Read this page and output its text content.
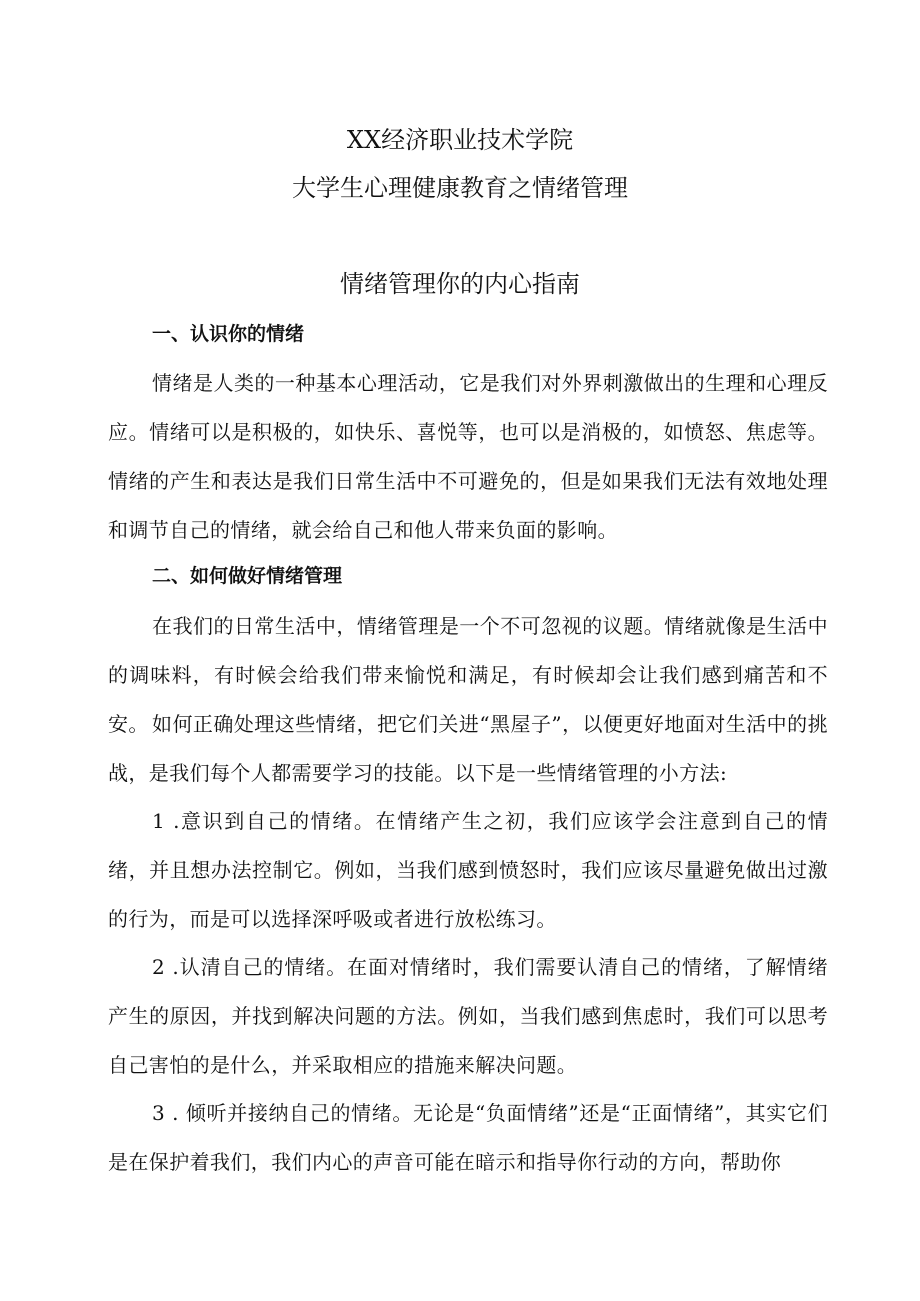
XX经济职业技术学院
大学生心理健康教育之情绪管理
情绪管理你的内心指南
一、认识你的情绪
情绪是人类的一种基本心理活动，它是我们对外界刺激做出的生理和心理反应。情绪可以是积极的，如快乐、喜悦等，也可以是消极的，如愤怒、焦虑等。情绪的产生和表达是我们日常生活中不可避免的，但是如果我们无法有效地处理和调节自己的情绪，就会给自己和他人带来负面的影响。
二、如何做好情绪管理
在我们的日常生活中，情绪管理是一个不可忽视的议题。情绪就像是生活中的调味料，有时候会给我们带来愉悦和满足，有时候却会让我们感到痛苦和不安。 如何正确处理这些情绪，把它们关进“黑屋子”，以便更好地面对生活中的挑战，是我们每个人都需要学习的技能。以下是一些情绪管理的小方法:
1 .意识到自己的情绪。在情绪产生之初，我们应该学会注意到自己的情绪，并且想办法控制它。例如，当我们感到愤怒时，我们应该尽量避免做出过激的行为，而是可以选择深呼吸或者进行放松练习。
2 .认清自己的情绪。在面对情绪时，我们需要认清自己的情绪，了解情绪产生的原因，并找到解决问题的方法。例如，当我们感到焦虑时，我们可以思考自己害怕的是什么，并采取相应的措施来解决问题。
3 . 倾听并接纳自己的情绪。无论是“负面情绪”还是“正面情绪”，其实它们是在保护着我们，我们内心的声音可能在暗示和指导你行动的方向，帮助你
